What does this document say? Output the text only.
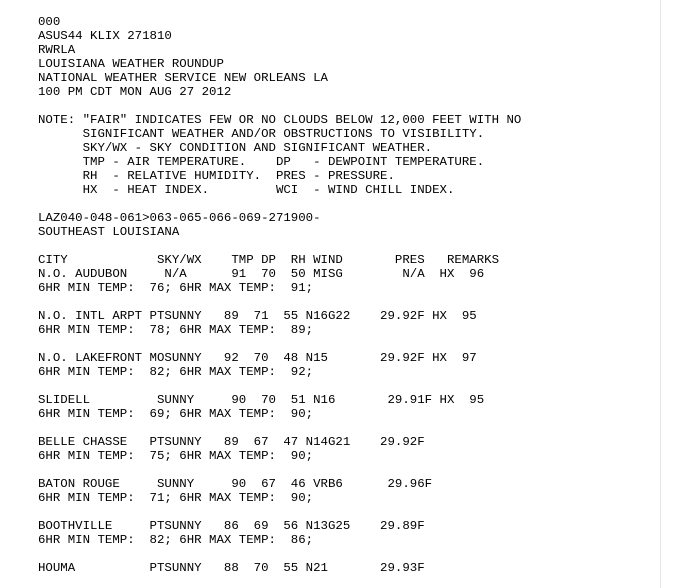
000
ASUS44 KLIX 271810
RWRLA
LOUISIANA WEATHER ROUNDUP
NATIONAL WEATHER SERVICE NEW ORLEANS LA
100 PM CDT MON AUG 27 2012

NOTE: "FAIR" INDICATES FEW OR NO CLOUDS BELOW 12,000 FEET WITH NO
SIGNIFICANT WEATHER AND/OR OBSTRUCTIONS TO VISIBILITY.
SKY/WX - SKY CONDITION AND SIGNIFICANT WEATHER.
TMP - AIR TEMPERATURE.    DP   - DEWPOINT TEMPERATURE.
RH  - RELATIVE HUMIDITY.  PRES - PRESSURE.
HX  - HEAT INDEX.         WCI  - WIND CHILL INDEX.

LAZ040-048-061>063-065-066-069-271900-
SOUTHEAST LOUISIANA

CITY            SKY/WX    TMP DP  RH WIND       PRES   REMARKS
N.O. AUDUBON     N/A      91  70  50 MISG        N/A  HX  96
6HR MIN TEMP:  76; 6HR MAX TEMP:  91;

N.O. INTL ARPT PTSUNNY   89  71  55 N16G22    29.92F HX  95
6HR MIN TEMP:  78; 6HR MAX TEMP:  89;

N.O. LAKEFRONT MOSUNNY   92  70  48 N15       29.92F HX  97
6HR MIN TEMP:  82; 6HR MAX TEMP:  92;

SLIDELL         SUNNY     90  70  51 N16       29.91F HX  95
6HR MIN TEMP:  69; 6HR MAX TEMP:  90;

BELLE CHASSE   PTSUNNY   89  67  47 N14G21    29.92F
6HR MIN TEMP:  75; 6HR MAX TEMP:  90;

BATON ROUGE     SUNNY     90  67  46 VRB6      29.96F
6HR MIN TEMP:  71; 6HR MAX TEMP:  90;

BOOTHVILLE     PTSUNNY   86  69  56 N13G25    29.89F
6HR MIN TEMP:  82; 6HR MAX TEMP:  86;

HOUMA          PTSUNNY   88  70  55 N21       29.93F
